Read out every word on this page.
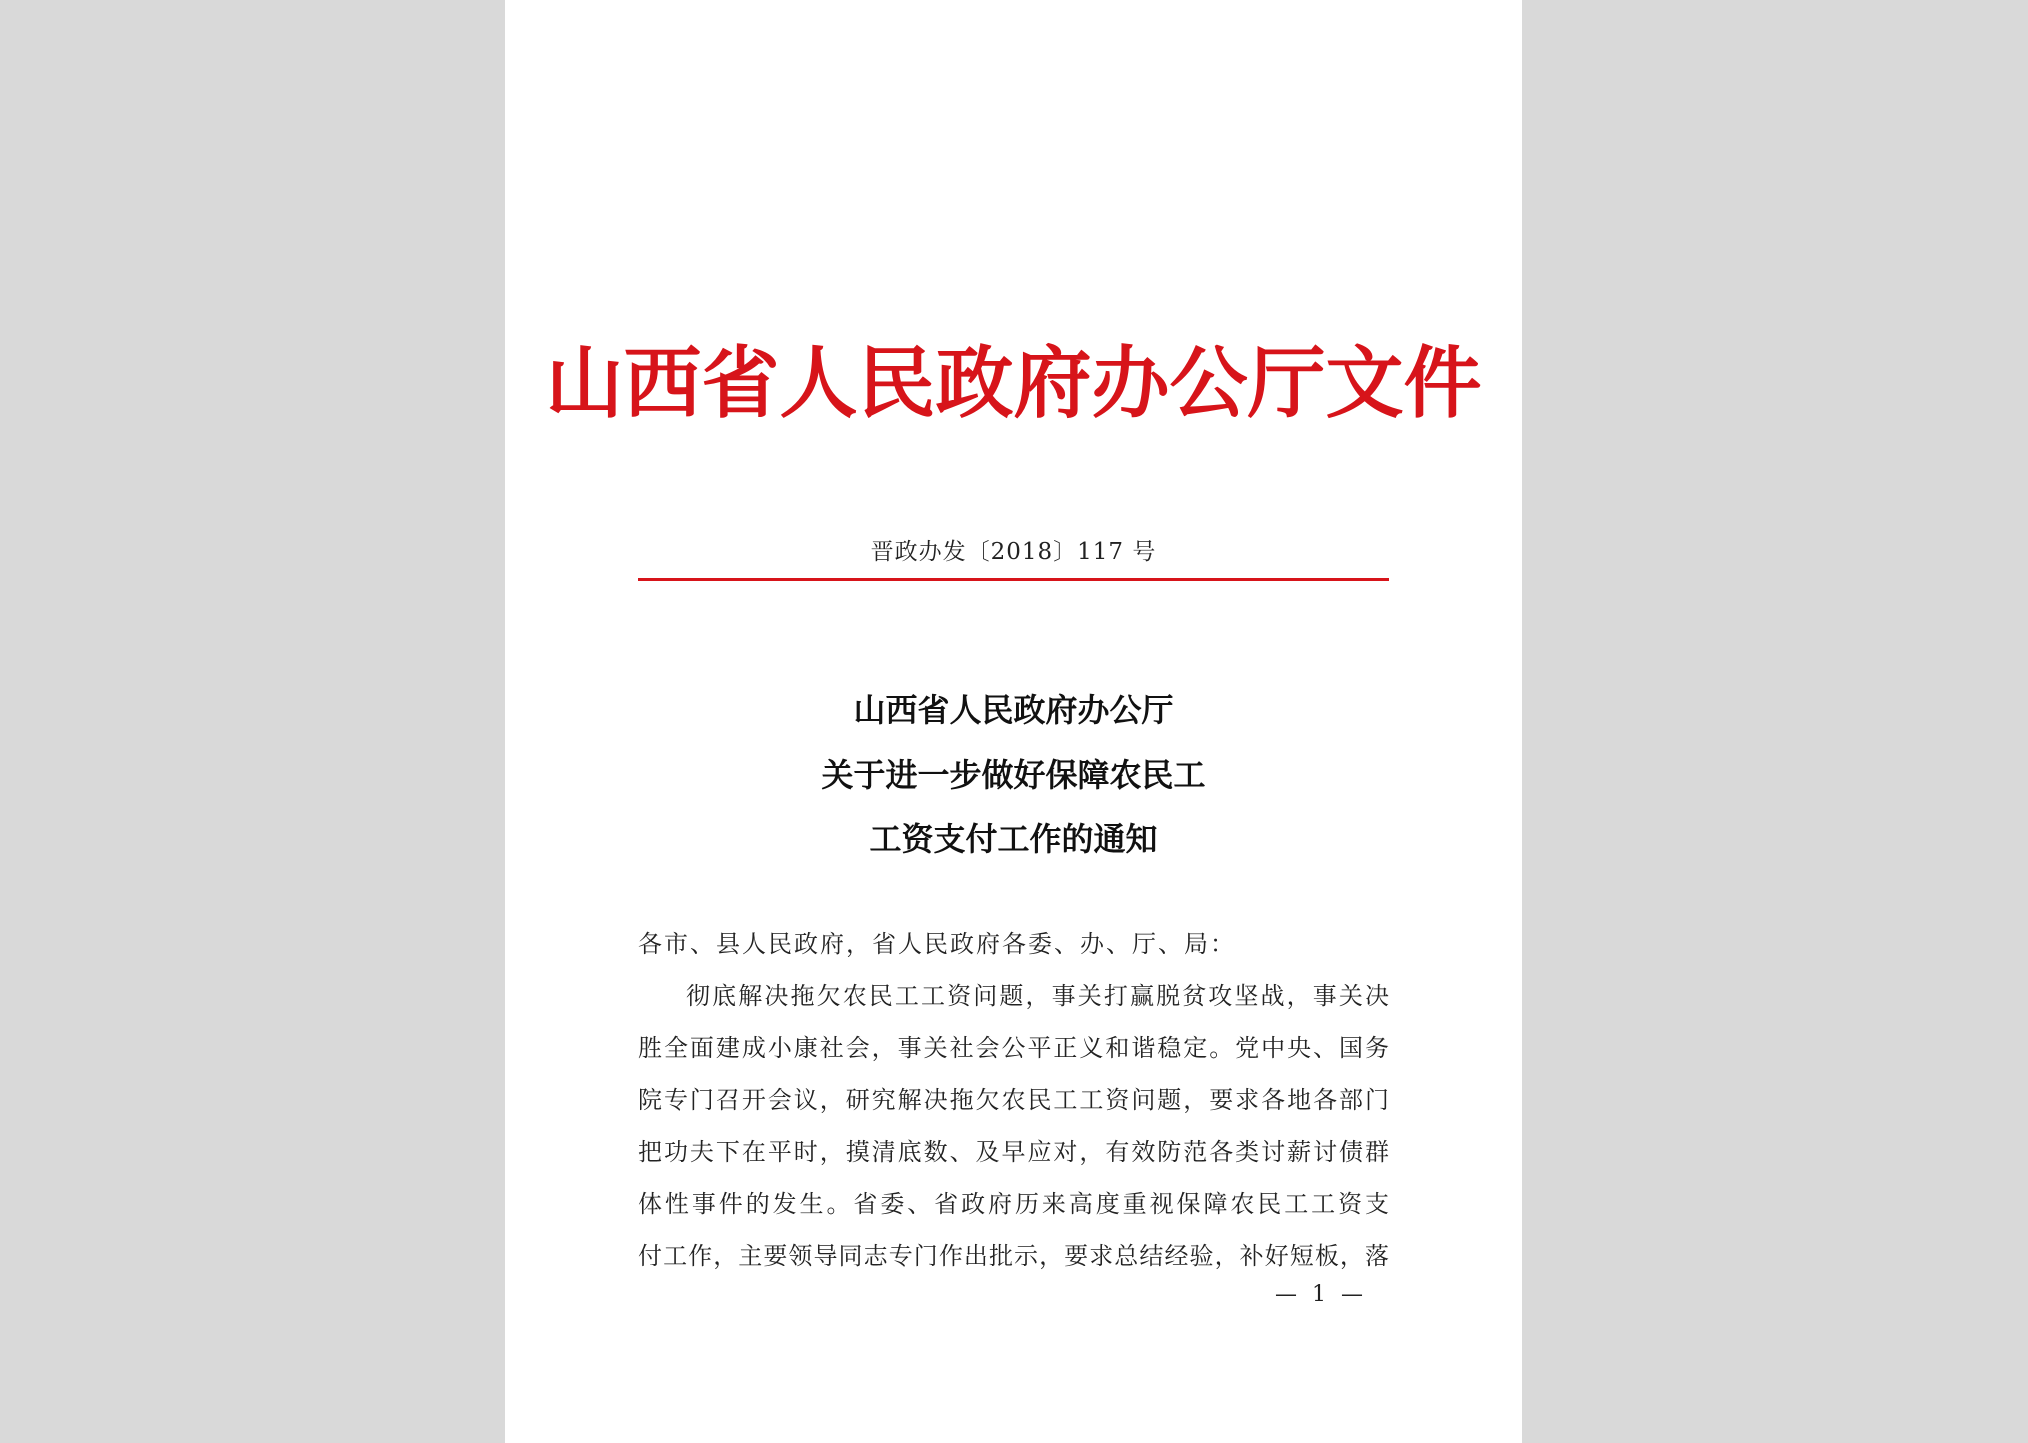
山西省人民政府办公厅文件
晋政办发〔2018〕117 号
山西省人民政府办公厅
关于进一步做好保障农民工
工资支付工作的通知
各市、县人民政府，省人民政府各委、办、厅、局：
彻底解决拖欠农民工工资问题，事关打赢脱贫攻坚战，事关决
胜全面建成小康社会，事关社会公平正义和谐稳定。党中央、国务
院专门召开会议，研究解决拖欠农民工工资问题，要求各地各部门
把功夫下在平时，摸清底数、及早应对，有效防范各类讨薪讨债群
体性事件的发生。省委、省政府历来高度重视保障农民工工资支
付工作，主要领导同志专门作出批示，要求总结经验，补好短板，落
— 1 —
